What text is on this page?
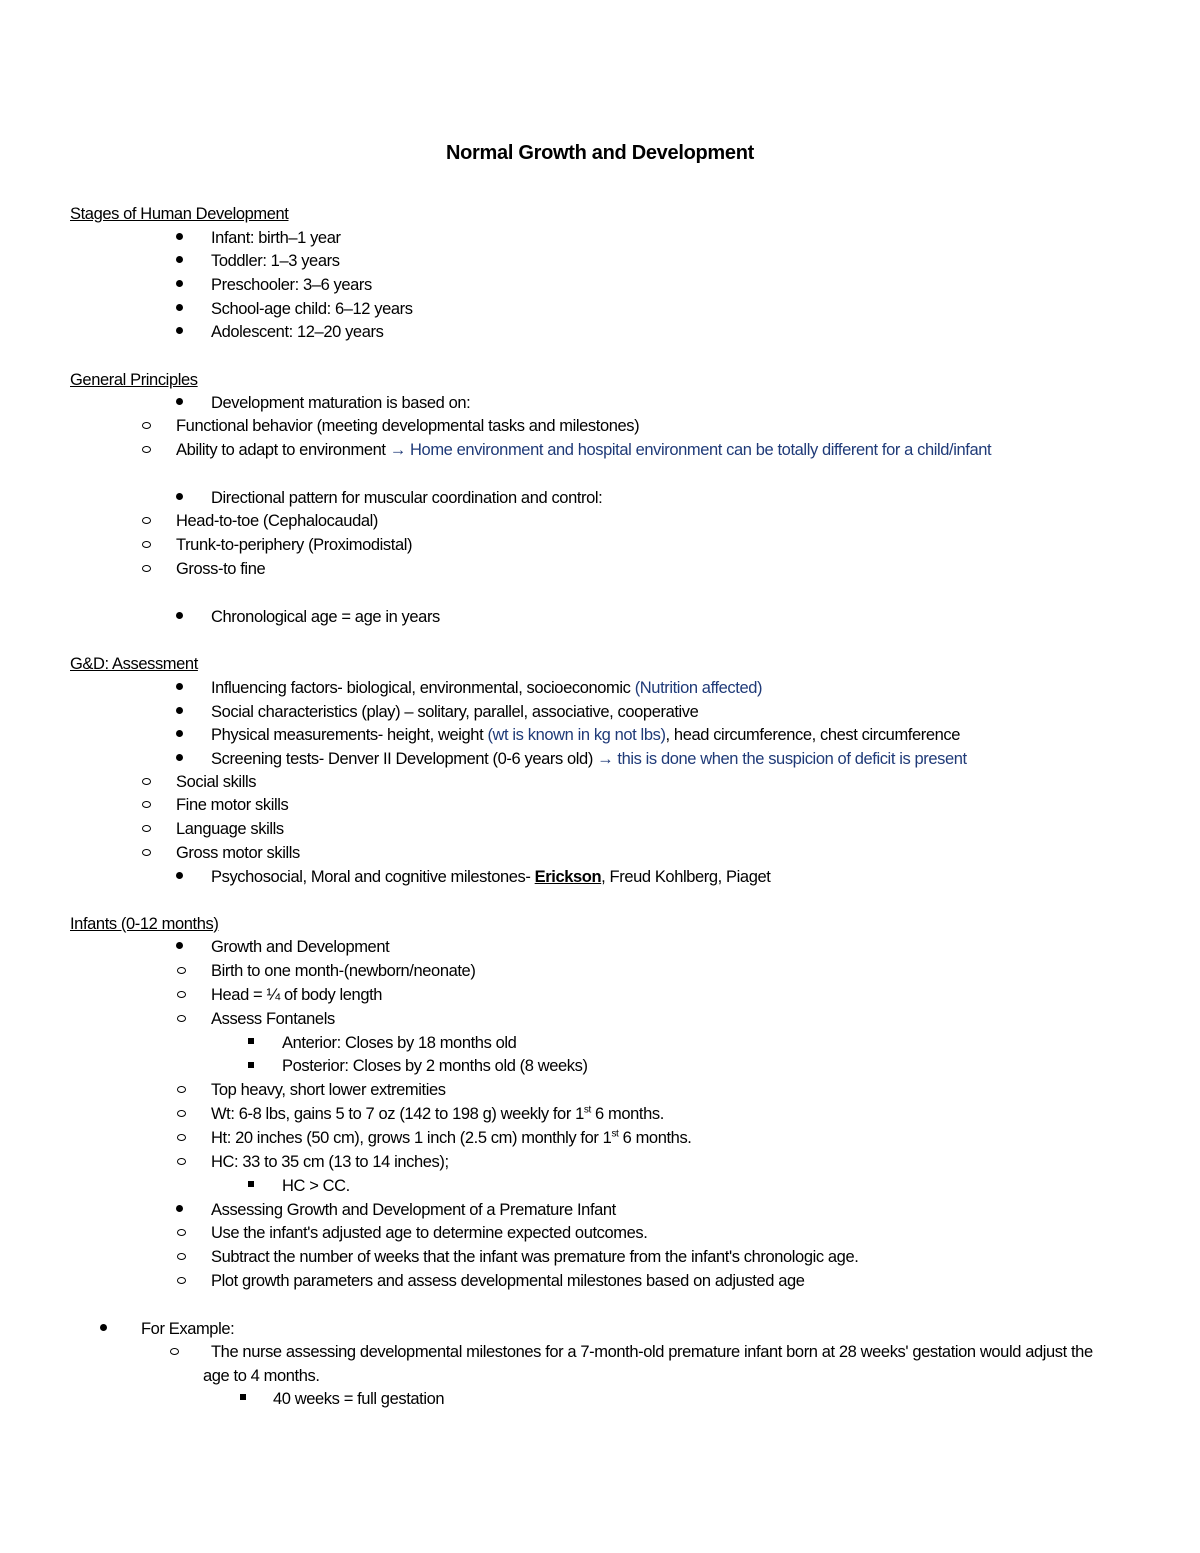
Normal Growth and Development
Stages of Human Development
Infant: birth–1 year
Toddler: 1–3 years
Preschooler: 3–6 years
School-age child: 6–12 years
Adolescent: 12–20 years
General Principles
Development maturation is based on:
Functional behavior (meeting developmental tasks and milestones)
Ability to adapt to environment → Home environment and hospital environment can be totally different for a child/infant
Directional pattern for muscular coordination and control:
Head-to-toe (Cephalocaudal)
Trunk-to-periphery (Proximodistal)
Gross-to fine
Chronological age = age in years
G&D: Assessment
Influencing factors- biological, environmental, socioeconomic (Nutrition affected)
Social characteristics (play) – solitary, parallel, associative, cooperative
Physical measurements- height, weight (wt is known in kg not lbs), head circumference, chest circumference
Screening tests- Denver II Development (0-6 years old) → this is done when the suspicion of deficit is present
Social skills
Fine motor skills
Language skills
Gross motor skills
Psychosocial, Moral and cognitive milestones- Erickson, Freud Kohlberg, Piaget
Infants (0-12 months)
Growth and Development
Birth to one month-(newborn/neonate)
Head = ¼ of body length
Assess Fontanels
Anterior: Closes by 18 months old
Posterior: Closes by 2 months old (8 weeks)
Top heavy, short lower extremities
Wt: 6-8 lbs, gains 5 to 7 oz (142 to 198 g) weekly for 1st 6 months.
Ht: 20 inches (50 cm), grows 1 inch (2.5 cm) monthly for 1st 6 months.
HC: 33 to 35 cm (13 to 14 inches);
HC > CC.
Assessing Growth and Development of a Premature Infant
Use the infant's adjusted age to determine expected outcomes.
Subtract the number of weeks that the infant was premature from the infant's chronologic age.
Plot growth parameters and assess developmental milestones based on adjusted age
For Example:
The nurse assessing developmental milestones for a 7-month-old premature infant born at 28 weeks' gestation would adjust the
age to 4 months.
40 weeks = full gestation
